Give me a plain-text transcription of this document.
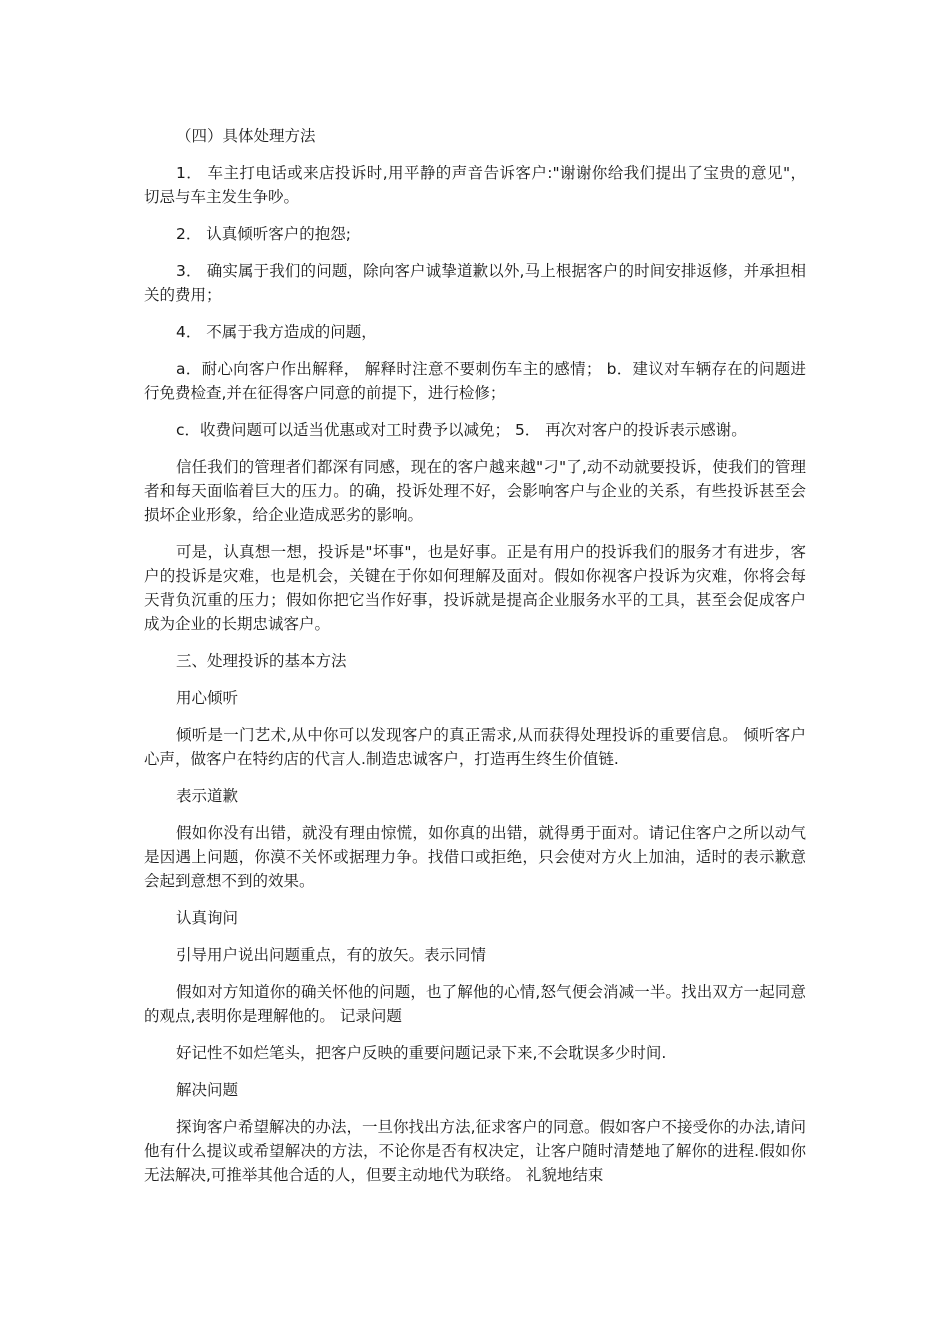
（四）具体处理方法

1． 车主打电话或来店投诉时,用平静的声音告诉客户:"谢谢你给我们提出了宝贵的意见"， 切忌与车主发生争吵。

2． 认真倾听客户的抱怨;

3． 确实属于我们的问题，除向客户诚挚道歉以外,马上根据客户的时间安排返修，并承担相关的费用；

4． 不属于我方造成的问题，

a．耐心向客户作出解释， 解释时注意不要刺伤车主的感情； b．建议对车辆存在的问题进行免费检查,并在征得客户同意的前提下，进行检修；

c．收费问题可以适当优惠或对工时费予以减免； 5． 再次对客户的投诉表示感谢。

信任我们的管理者们都深有同感，现在的客户越来越"刁"了,动不动就要投诉，使我们的管理者和每天面临着巨大的压力。的确，投诉处理不好，会影响客户与企业的关系，有些投诉甚至会损坏企业形象，给企业造成恶劣的影响。

可是，认真想一想，投诉是"坏事"，也是好事。正是有用户的投诉我们的服务才有进步，客户的投诉是灾难，也是机会，关键在于你如何理解及面对。假如你视客户投诉为灾难，你将会每天背负沉重的压力；假如你把它当作好事，投诉就是提高企业服务水平的工具，甚至会促成客户成为企业的长期忠诚客户。

三、处理投诉的基本方法

用心倾听

倾听是一门艺术,从中你可以发现客户的真正需求,从而获得处理投诉的重要信息。 倾听客户心声，做客户在特约店的代言人.制造忠诚客户，打造再生终生价值链.

表示道歉

假如你没有出错，就没有理由惊慌，如你真的出错，就得勇于面对。请记住客户之所以动气是因遇上问题，你漠不关怀或据理力争。找借口或拒绝，只会使对方火上加油，适时的表示歉意会起到意想不到的效果。

认真询问

引导用户说出问题重点，有的放矢。表示同情

假如对方知道你的确关怀他的问题，也了解他的心情,怒气便会消减一半。找出双方一起同意的观点,表明你是理解他的。 记录问题

好记性不如烂笔头，把客户反映的重要问题记录下来,不会耽误多少时间.

解决问题

探询客户希望解决的办法，一旦你找出方法,征求客户的同意。假如客户不接受你的办法,请问他有什么提议或希望解决的方法，不论你是否有权决定，让客户随时清楚地了解你的进程.假如你无法解决,可推举其他合适的人，但要主动地代为联络。 礼貌地结束
